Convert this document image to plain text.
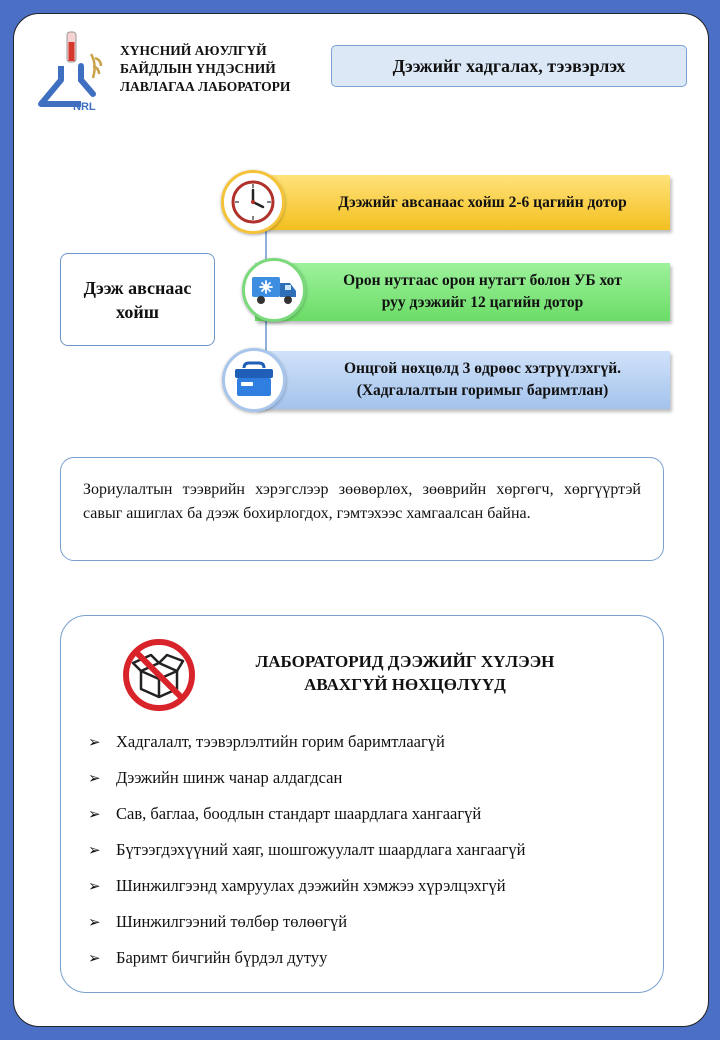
NRL
ХҮНСНИЙ АЮУЛГҮЙ
БАЙДЛЫН ҮНДЭСНИЙ
ЛАВЛАГАА ЛАБОРАТОРИ
Дээжийг хадгалах, тээвэрлэх
Дээж авснаас
хойш
Дээжийг авсанаас хойш 2-6 цагийн дотор
Орон нутгаас орон нутагт болон УБ хот
руу дээжийг 12 цагийн дотор
Онцгой нөхцөлд 3 өдрөөс хэтрүүлэхгүй.
(Хадгалалтын горимыг баримтлан)
Зориулалтын тээврийн хэрэгслээр зөөвөрлөх, зөөврийн хөргөгч, хөргүүртэй савыг ашиглах ба дээж бохирлогдох, гэмтэхээс хамгаалсан байна.
ЛАБОРАТОРИД ДЭЭЖИЙГ ХҮЛЭЭН
АВАХГҮЙ НӨХЦӨЛҮҮД
➢ Хадгалалт, тээвэрлэлтийн горим баримтлаагүй
➢ Дээжийн шинж чанар алдагдсан
➢ Сав, баглаа, боодлын стандарт шаардлага хангаагүй
➢ Бүтээгдэхүүний хаяг, шошгожуулалт шаардлага хангаагүй
➢ Шинжилгээнд хамруулах дээжийн хэмжээ хүрэлцэхгүй
➢ Шинжилгээний төлбөр төлөөгүй
➢ Баримт бичгийн бүрдэл дутуу
